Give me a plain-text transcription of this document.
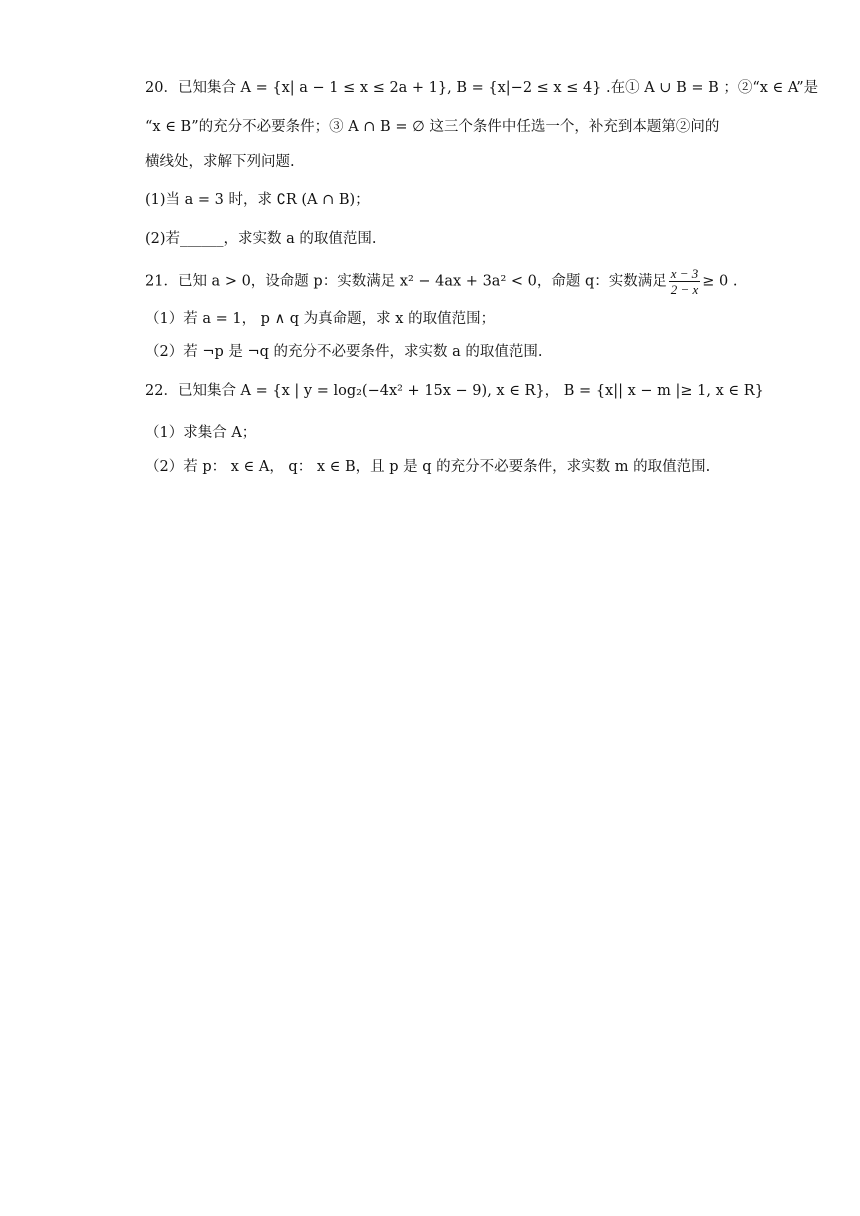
20．已知集合 A = {x| a − 1 ≤ x ≤ 2a + 1}, B = {x|−2 ≤ x ≤ 4} .在① A ∪ B = B ；②“x ∈ A”是
“x ∈ B”的充分不必要条件；③ A ∩ B = ∅ 这三个条件中任选一个，补充到本题第②问的
横线处，求解下列问题.
(1)当 a = 3 时，求 ∁R (A ∩ B)；
(2)若______，求实数 a 的取值范围.
21．已知 a > 0，设命题 p：实数满足 x² − 4ax + 3a² < 0，命题 q：实数满足 $\frac{x - 3}{2 - x} \ge 0$ .
（1）若 a = 1， p ∧ q 为真命题，求 x 的取值范围；
（2）若 ¬p 是 ¬q 的充分不必要条件，求实数 a 的取值范围.
22．已知集合 A = {x | y = log₂(−4x² + 15x − 9), x ∈ R}， B = {x|| x − m |≥ 1, x ∈ R}
（1）求集合 A；
（2）若 p： x ∈ A， q： x ∈ B，且 p 是 q 的充分不必要条件，求实数 m 的取值范围.
